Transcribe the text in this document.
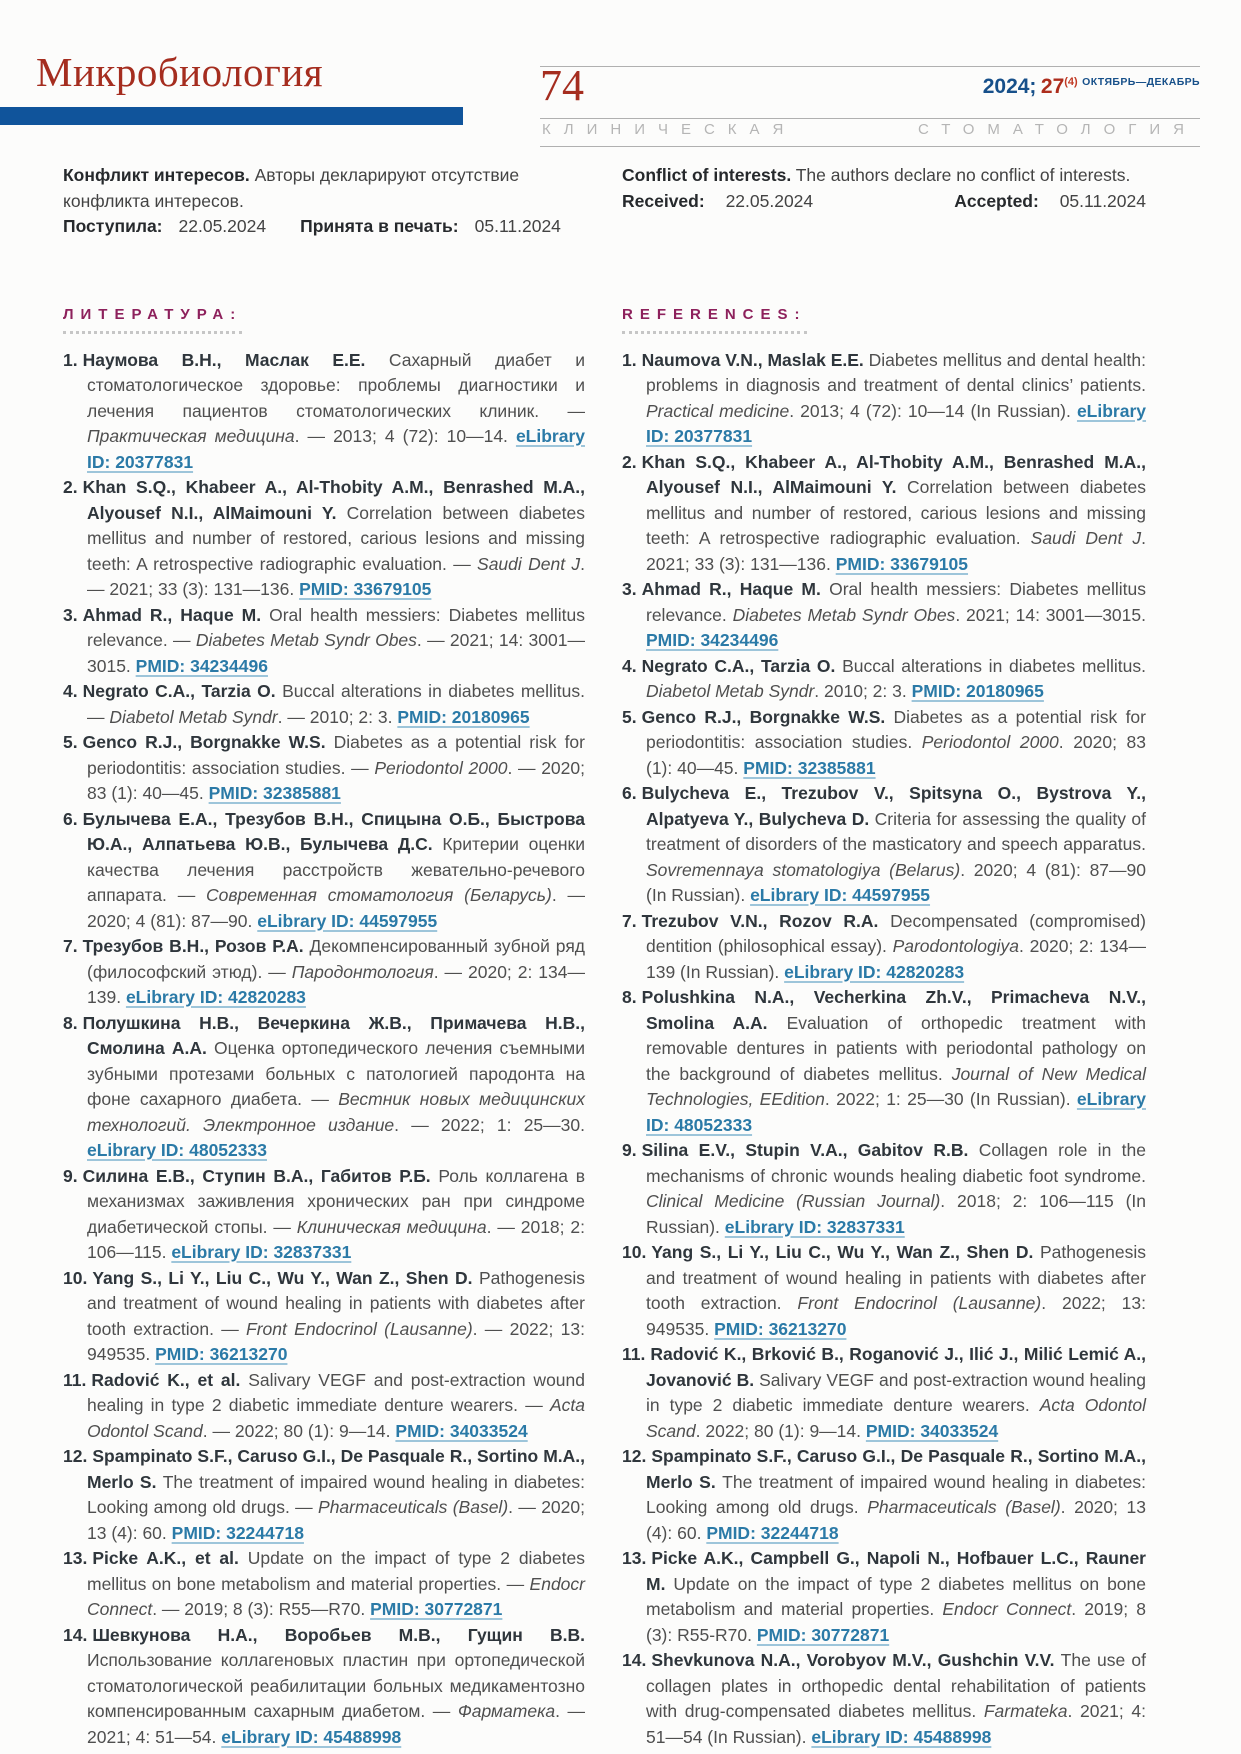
Микробиология	74	2024; 27(4) ОКТЯБРЬ—ДЕКАБРЬ
КЛИНИЧЕСКАЯ	СТОМАТОЛОГИЯ

Конфликт интересов. Авторы декларируют отсутствие конфликта интересов.

Поступила: 22.05.2024 Принята в печать: 05.11.2024

Conflict of interests. The authors declare no conflict of interests.

Received: 22.05.2024	Accepted: 05.11.2024

ЛИТЕРАТУРА:
1. Наумова В.Н., Маслак Е.Е. Сахарный диабет и стоматологическое здоровье: проблемы диагностики и лечения пациентов стоматологических клиник. — Практическая медицина. — 2013; 4 (72): 10—14. eLibrary ID: 20377831
2. Khan S.Q., Khabeer A., Al-Thobity A.M., Benrashed M.A., Alyousef N.I., AlMaimouni Y. Correlation between diabetes mellitus and number of restored, carious lesions and missing teeth: A retrospective radiographic evaluation. — Saudi Dent J. — 2021; 33 (3): 131—136. PMID: 33679105
3. Ahmad R., Haque M. Oral health messiers: Diabetes mellitus relevance. — Diabetes Metab Syndr Obes. — 2021; 14: 3001—3015. PMID: 34234496
4. Negrato C.A., Tarzia O. Buccal alterations in diabetes mellitus. — Diabetol Metab Syndr. — 2010; 2: 3. PMID: 20180965
5. Genco R.J., Borgnakke W.S. Diabetes as a potential risk for periodontitis: association studies. — Periodontol 2000. — 2020; 83 (1): 40—45. PMID: 32385881
6. Булычева Е.А., Трезубов В.Н., Спицына О.Б., Быстрова Ю.А., Алпатьева Ю.В., Булычева Д.С. Критерии оценки качества лечения расстройств жевательно-речевого аппарата. — Современная стоматология (Беларусь). — 2020; 4 (81): 87—90. eLibrary ID: 44597955
7. Трезубов В.Н., Розов Р.А. Декомпенсированный зубной ряд (философский этюд). — Пародонтология. — 2020; 2: 134—139. eLibrary ID: 42820283
8. Полушкина Н.В., Вечеркина Ж.В., Примачева Н.В., Смолина А.А. Оценка ортопедического лечения съемными зубными протезами больных с патологией пародонта на фоне сахарного диабета. — Вестник новых медицинских технологий. Электронное издание. — 2022; 1: 25—30. eLibrary ID: 48052333
9. Силина Е.В., Ступин В.А., Габитов Р.Б. Роль коллагена в механизмах заживления хронических ран при синдроме диабетической стопы. — Клиническая медицина. — 2018; 2: 106—115. eLibrary ID: 32837331
10. Yang S., Li Y., Liu C., Wu Y., Wan Z., Shen D. Pathogenesis and treatment of wound healing in patients with diabetes after tooth extraction. — Front Endocrinol (Lausanne). — 2022; 13: 949535. PMID: 36213270
11. Radović K., et al. Salivary VEGF and post-extraction wound healing in type 2 diabetic immediate denture wearers. — Acta Odontol Scand. — 2022; 80 (1): 9—14. PMID: 34033524
12. Spampinato S.F., Caruso G.I., De Pasquale R., Sortino M.A., Merlo S. The treatment of impaired wound healing in diabetes: Looking among old drugs. — Pharmaceuticals (Basel). — 2020; 13 (4): 60. PMID: 32244718
13. Picke A.K., et al. Update on the impact of type 2 diabetes mellitus on bone metabolism and material properties. — Endocr Connect. — 2019; 8 (3): R55—R70. PMID: 30772871
14. Шевкунова Н.А., Воробьев М.В., Гущин В.В. Использование коллагеновых пластин при ортопедической стоматологической реабилитации больных медикаментозно компенсированным сахарным диабетом. — Фарматека. — 2021; 4: 51—54. eLibrary ID: 45488998
REFERENCES:
1. Naumova V.N., Maslak E.E. Diabetes mellitus and dental health: problems in diagnosis and treatment of dental clinics’ patients. Practical medicine. 2013; 4 (72): 10—14 (In Russian). eLibrary ID: 20377831
2. Khan S.Q., Khabeer A., Al-Thobity A.M., Benrashed M.A., Alyousef N.I., AlMaimouni Y. Correlation between diabetes mellitus and number of restored, carious lesions and missing teeth: A retrospective radiographic evaluation. Saudi Dent J. 2021; 33 (3): 131—136. PMID: 33679105
3. Ahmad R., Haque M. Oral health messiers: Diabetes mellitus relevance. Diabetes Metab Syndr Obes. 2021; 14: 3001—3015. PMID: 34234496
4. Negrato C.A., Tarzia O. Buccal alterations in diabetes mellitus. Diabetol Metab Syndr. 2010; 2: 3. PMID: 20180965
5. Genco R.J., Borgnakke W.S. Diabetes as a potential risk for periodontitis: association studies. Periodontol 2000. 2020; 83 (1): 40—45. PMID: 32385881
6. Bulycheva E., Trezubov V., Spitsyna O., Bystrova Y., Alpatyeva Y., Bulycheva D. Criteria for assessing the quality of treatment of disorders of the masticatory and speech apparatus. Sovremennaya stomatologiya (Belarus). 2020; 4 (81): 87—90 (In Russian). eLibrary ID: 44597955
7. Trezubov V.N., Rozov R.A. Decompensated (compromised) dentition (philosophical essay). Parodontologiya. 2020; 2: 134—139 (In Russian). eLibrary ID: 42820283
8. Polushkina N.A., Vecherkina Zh.V., Primacheva N.V., Smolina A.A. Evaluation of orthopedic treatment with removable dentures in patients with periodontal pathology on the background of diabetes mellitus. Journal of New Medical Technologies, EEdition. 2022; 1: 25—30 (In Russian). eLibrary ID: 48052333
9. Silina E.V., Stupin V.A., Gabitov R.B. Collagen role in the mechanisms of chronic wounds healing diabetic foot syndrome. Clinical Medicine (Russian Journal). 2018; 2: 106—115 (In Russian). eLibrary ID: 32837331
10. Yang S., Li Y., Liu C., Wu Y., Wan Z., Shen D. Pathogenesis and treatment of wound healing in patients with diabetes after tooth extraction. Front Endocrinol (Lausanne). 2022; 13: 949535. PMID: 36213270
11. Radović K., Brković B., Roganović J., Ilić J., Milić Lemić A., Jovanović B. Salivary VEGF and post-extraction wound healing in type 2 diabetic immediate denture wearers. Acta Odontol Scand. 2022; 80 (1): 9—14. PMID: 34033524
12. Spampinato S.F., Caruso G.I., De Pasquale R., Sortino M.A., Merlo S. The treatment of impaired wound healing in diabetes: Looking among old drugs. Pharmaceuticals (Basel). 2020; 13 (4): 60. PMID: 32244718
13. Picke A.K., Campbell G., Napoli N., Hofbauer L.C., Rauner M. Update on the impact of type 2 diabetes mellitus on bone metabolism and material properties. Endocr Connect. 2019; 8 (3): R55-R70. PMID: 30772871
14. Shevkunova N.A., Vorobyov M.V., Gushchin V.V. The use of collagen plates in orthopedic dental rehabilitation of patients with drug-compensated diabetes mellitus. Farmateka. 2021; 4: 51—54 (In Russian). eLibrary ID: 45488998
